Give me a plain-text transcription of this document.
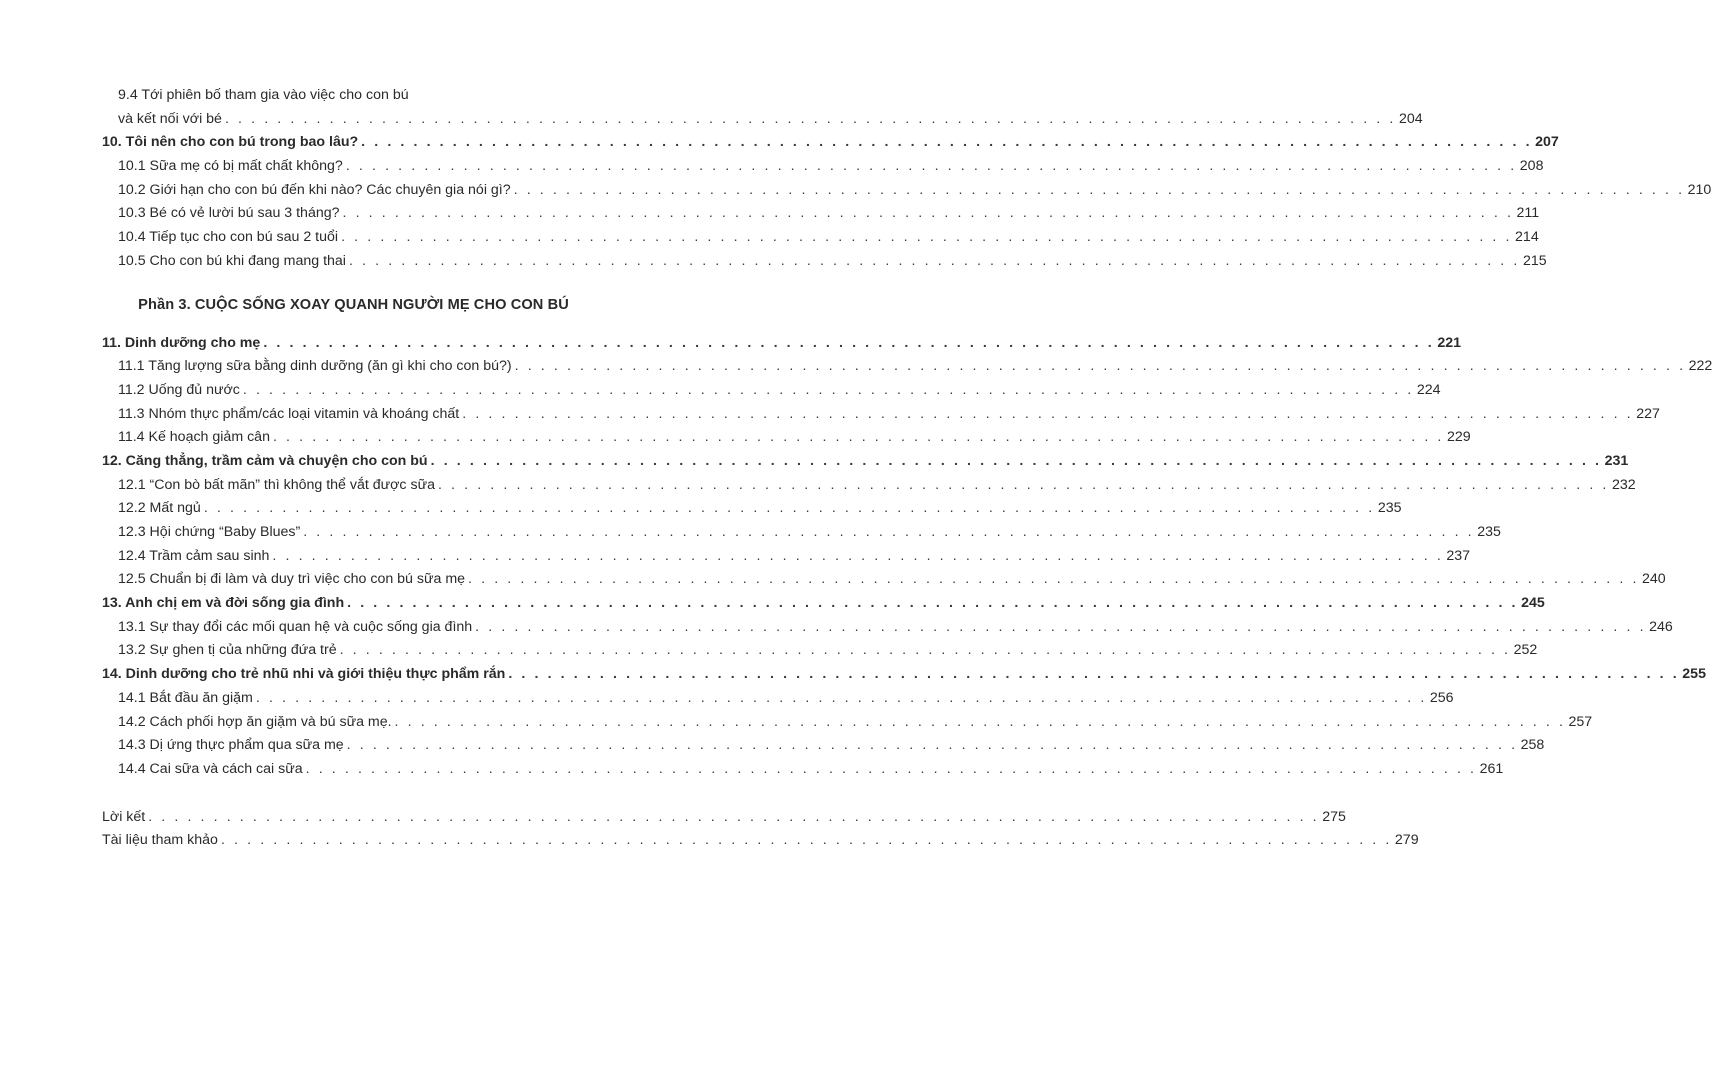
9.4 Tới phiên bố tham gia vào việc cho con bú
và kết nối với bé . . . . . . . . . . . . . . . . . . . . . . . . . . . . . . . . . . . . . . . . . . . . . . . . . . . . . . . . . . . . . . . . . . . . . . . . . . . . . . . . . . . . . . . . . . 204
10. Tôi nên cho con bú trong bao lâu? . . . . . . . . . . . . . . . . . . . . . . . . . . . . . . . . . . . . . . . . . . . . . . . . . . . . . . . . . . . . . . . . . . . . . . . . . . . . . . . . . . . . . . . . . . 207
10.1 Sữa mẹ có bị mất chất không? . . . . . . . . . . . . . . . . . . . . . . . . . . . . . . . . . . . . . . . . . . . . . . . . . . . . . . . . . . . . . . . . . . . . . . . . . . . . . . . . . . . . . . . . . . 208
10.2 Giới hạn cho con bú đến khi nào? Các chuyên gia nói gì? . . . . . . . . . . . . . . . . . . . . . . . . . . . . . . . . . . . . . . . . . . . . . . . . . . . . . . . . . . . . . . . . . . . . . . . . . . . . . . . . . . . . . . . . . . 210
10.3 Bé có vẻ lười bú sau 3 tháng? . . . . . . . . . . . . . . . . . . . . . . . . . . . . . . . . . . . . . . . . . . . . . . . . . . . . . . . . . . . . . . . . . . . . . . . . . . . . . . . . . . . . . . . . . . 211
10.4 Tiếp tục cho con bú sau 2 tuổi . . . . . . . . . . . . . . . . . . . . . . . . . . . . . . . . . . . . . . . . . . . . . . . . . . . . . . . . . . . . . . . . . . . . . . . . . . . . . . . . . . . . . . . . . . 214
10.5 Cho con bú khi đang mang thai . . . . . . . . . . . . . . . . . . . . . . . . . . . . . . . . . . . . . . . . . . . . . . . . . . . . . . . . . . . . . . . . . . . . . . . . . . . . . . . . . . . . . . . . . . 215
Phần 3. CUỘC SỐNG XOAY QUANH NGƯỜI MẸ CHO CON BÚ
11. Dinh dưỡng cho mẹ . . . . . . . . . . . . . . . . . . . . . . . . . . . . . . . . . . . . . . . . . . . . . . . . . . . . . . . . . . . . . . . . . . . . . . . . . . . . . . . . . . . . . . . . . . 221
11.1 Tăng lượng sữa bằng dinh dưỡng (ăn gì khi cho con bú?) . . . . . . . . . . . . . . . . . . . . . . . . . . . . . . . . . . . . . . . . . . . . . . . . . . . . . . . . . . . . . . . . . . . . . . . . . . . . . . . . . . . . . . . . . . 222
11.2 Uống đủ nước . . . . . . . . . . . . . . . . . . . . . . . . . . . . . . . . . . . . . . . . . . . . . . . . . . . . . . . . . . . . . . . . . . . . . . . . . . . . . . . . . . . . . . . . . . 224
11.3 Nhóm thực phẩm/các loại vitamin và khoáng chất . . . . . . . . . . . . . . . . . . . . . . . . . . . . . . . . . . . . . . . . . . . . . . . . . . . . . . . . . . . . . . . . . . . . . . . . . . . . . . . . . . . . . . . . . . 227
11.4 Kế hoạch giảm cân . . . . . . . . . . . . . . . . . . . . . . . . . . . . . . . . . . . . . . . . . . . . . . . . . . . . . . . . . . . . . . . . . . . . . . . . . . . . . . . . . . . . . . . . . . 229
12. Căng thẳng, trầm cảm và chuyện cho con bú . . . . . . . . . . . . . . . . . . . . . . . . . . . . . . . . . . . . . . . . . . . . . . . . . . . . . . . . . . . . . . . . . . . . . . . . . . . . . . . . . . . . . . . . . . 231
12.1 “Con bò bất mãn” thì không thể vắt được sữa . . . . . . . . . . . . . . . . . . . . . . . . . . . . . . . . . . . . . . . . . . . . . . . . . . . . . . . . . . . . . . . . . . . . . . . . . . . . . . . . . . . . . . . . . . 232
12.2 Mất ngủ . . . . . . . . . . . . . . . . . . . . . . . . . . . . . . . . . . . . . . . . . . . . . . . . . . . . . . . . . . . . . . . . . . . . . . . . . . . . . . . . . . . . . . . . . . 235
12.3 Hội chứng “Baby Blues” . . . . . . . . . . . . . . . . . . . . . . . . . . . . . . . . . . . . . . . . . . . . . . . . . . . . . . . . . . . . . . . . . . . . . . . . . . . . . . . . . . . . . . . . . . 235
12.4 Trầm cảm sau sinh . . . . . . . . . . . . . . . . . . . . . . . . . . . . . . . . . . . . . . . . . . . . . . . . . . . . . . . . . . . . . . . . . . . . . . . . . . . . . . . . . . . . . . . . . . 237
12.5 Chuẩn bị đi làm và duy trì việc cho con bú sữa mẹ . . . . . . . . . . . . . . . . . . . . . . . . . . . . . . . . . . . . . . . . . . . . . . . . . . . . . . . . . . . . . . . . . . . . . . . . . . . . . . . . . . . . . . . . . . 240
13. Anh chị em và đời sống gia đình . . . . . . . . . . . . . . . . . . . . . . . . . . . . . . . . . . . . . . . . . . . . . . . . . . . . . . . . . . . . . . . . . . . . . . . . . . . . . . . . . . . . . . . . . . 245
13.1 Sự thay đổi các mối quan hệ và cuộc sống gia đình . . . . . . . . . . . . . . . . . . . . . . . . . . . . . . . . . . . . . . . . . . . . . . . . . . . . . . . . . . . . . . . . . . . . . . . . . . . . . . . . . . . . . . . . . . 246
13.2 Sự ghen tị của những đứa trẻ . . . . . . . . . . . . . . . . . . . . . . . . . . . . . . . . . . . . . . . . . . . . . . . . . . . . . . . . . . . . . . . . . . . . . . . . . . . . . . . . . . . . . . . . . . 252
14. Dinh dưỡng cho trẻ nhũ nhi và giới thiệu thực phẩm rắn . . . . . . . . . . . . . . . . . . . . . . . . . . . . . . . . . . . . . . . . . . . . . . . . . . . . . . . . . . . . . . . . . . . . . . . . . . . . . . . . . . . . . . . . . . 255
14.1 Bắt đầu ăn giặm . . . . . . . . . . . . . . . . . . . . . . . . . . . . . . . . . . . . . . . . . . . . . . . . . . . . . . . . . . . . . . . . . . . . . . . . . . . . . . . . . . . . . . . . . . 256
14.2 Cách phối hợp ăn giặm và bú sữa mẹ. . . . . . . . . . . . . . . . . . . . . . . . . . . . . . . . . . . . . . . . . . . . . . . . . . . . . . . . . . . . . . . . . . . . . . . . . . . . . . . . . . . . . . . . . . . 257
14.3 Dị ứng thực phẩm qua sữa mẹ . . . . . . . . . . . . . . . . . . . . . . . . . . . . . . . . . . . . . . . . . . . . . . . . . . . . . . . . . . . . . . . . . . . . . . . . . . . . . . . . . . . . . . . . . . 258
14.4 Cai sữa và cách cai sữa . . . . . . . . . . . . . . . . . . . . . . . . . . . . . . . . . . . . . . . . . . . . . . . . . . . . . . . . . . . . . . . . . . . . . . . . . . . . . . . . . . . . . . . . . . 261
Lời kết . . . . . . . . . . . . . . . . . . . . . . . . . . . . . . . . . . . . . . . . . . . . . . . . . . . . . . . . . . . . . . . . . . . . . . . . . . . . . . . . . . . . . . . . . . 275
Tài liệu tham khảo . . . . . . . . . . . . . . . . . . . . . . . . . . . . . . . . . . . . . . . . . . . . . . . . . . . . . . . . . . . . . . . . . . . . . . . . . . . . . . . . . . . . . . . . . . 279
